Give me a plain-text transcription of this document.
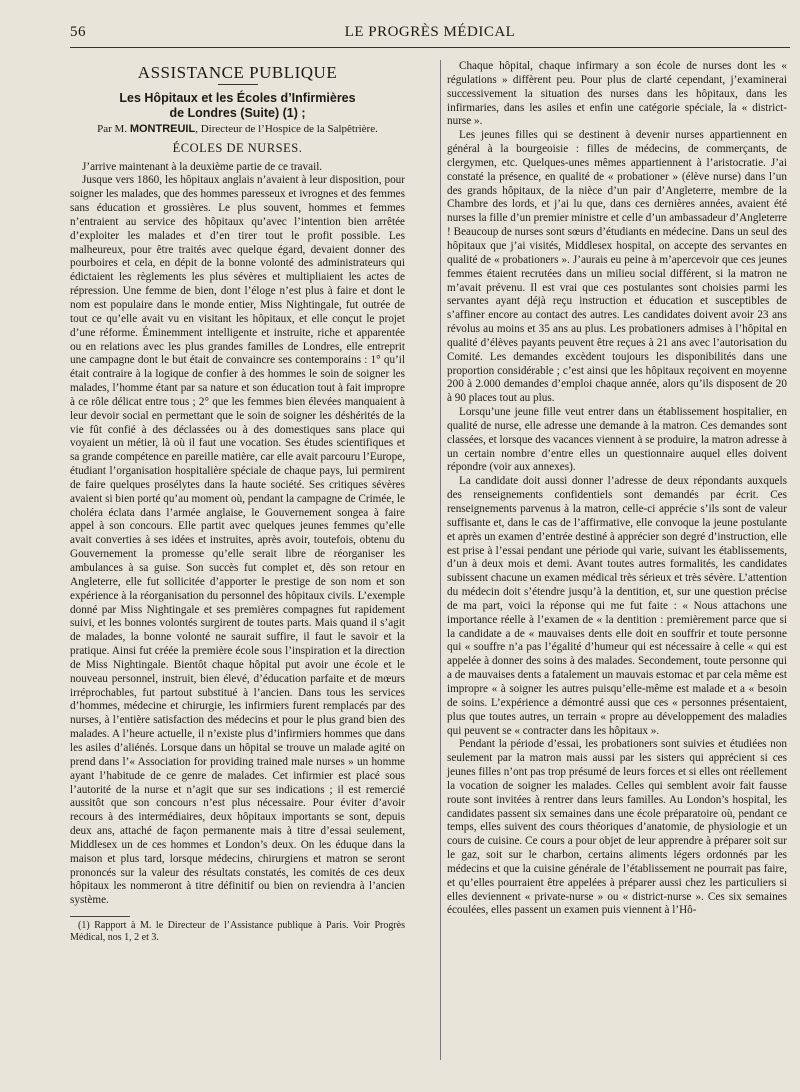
56	LE PROGRÈS MÉDICAL
ASSISTANCE PUBLIQUE
Les Hôpitaux et les Écoles d’Infirmières
de Londres (Suite) (1) ;
Par M. MONTREUIL, Directeur de l’Hospice de la Salpêtrière.
ÉCOLES DE NURSES.

J’arrive maintenant à la deuxième partie de ce travail.

Jusque vers 1860, les hôpitaux anglais n’avaient à leur disposition, pour soigner les malades, que des hommes paresseux et ivrognes et des femmes sans éducation et grossières. Le plus souvent, hommes et femmes n’entraient au service des hôpitaux qu’avec l’intention bien arrêtée d’exploiter les malades et d’en tirer tout le profit possible. Les malheureux, pour être traités avec quelque égard, devaient donner des pourboires et cela, en dépit de la bonne volonté des administrateurs qui édictaient les règlements les plus sévères et multipliaient les actes de répression. Une femme de bien, dont l’éloge n’est plus à faire et dont le nom est populaire dans le monde entier, Miss Nightingale, fut outrée de tout ce qu’elle avait vu en visitant les hôpitaux, et elle conçut le projet d’une réforme. Éminemment intelligente et instruite, riche et apparentée ou en relations avec les plus grandes familles de Londres, elle entreprit une campagne dont le but était de convaincre ses contemporains : 1° qu’il était contraire à la logique de confier à des hommes le soin de soigner les malades, l’homme étant par sa nature et son éducation tout à fait impropre à ce rôle délicat entre tous ; 2° que les femmes bien élevées manquaient à leur devoir social en permettant que le soin de soigner les déshérités de la vie fût confié à des déclassées ou à des domestiques sans place qui voyaient un métier, là où il faut une vocation. Ses études scientifiques et sa grande compétence en pareille matière, car elle avait parcouru l’Europe, étudiant l’organisation hospitalière spéciale de chaque pays, lui permirent de faire quelques prosélytes dans la haute société. Ses critiques sévères avaient si bien porté qu’au moment où, pendant la campagne de Crimée, le choléra éclata dans l’armée anglaise, le Gouvernement songea à faire appel à son concours. Elle partit avec quelques jeunes femmes qu’elle avait converties à ses idées et instruites, après avoir, toutefois, obtenu du Gouvernement la promesse qu’elle serait libre de réorganiser les ambulances à sa guise. Son succès fut complet et, dès son retour en Angleterre, elle fut sollicitée d’apporter le prestige de son nom et son expérience à la réorganisation du personnel des hôpitaux civils. L’exemple donné par Miss Nightingale et ses premières compagnes fut rapidement suivi, et les bonnes volontés surgirent de toutes parts. Mais quand il s’agit de malades, la bonne volonté ne saurait suffire, il faut le savoir et la pratique. Ainsi fut créée la première école sous l’inspiration et la direction de Miss Nightingale. Bientôt chaque hôpital put avoir une école et le nouveau personnel, instruit, bien élevé, d’éducation parfaite et de mœurs irréprochables, fut partout substitué à l’ancien. Dans tous les services d’hommes, médecine et chirurgie, les infirmiers furent remplacés par des nurses, à l’entière satisfaction des médecins et pour le plus grand bien des malades. A l’heure actuelle, il n’existe plus d’infirmiers hommes que dans les asiles d’aliénés. Lorsque dans un hôpital se trouve un malade agité on prend dans l’« Association for providing trained male nurses » un homme ayant l’habitude de ce genre de malades. Cet infirmier est placé sous l’autorité de la nurse et n’agit que sur ses indications ; il est remercié aussitôt que son concours n’est plus nécessaire. Pour éviter d’avoir recours à des intermédiaires, deux hôpitaux importants se sont, depuis deux ans, attaché de façon permanente mais à titre d’essai seulement, Middlesex un de ces hommes et London’s deux. On les éduque dans la maison et plus tard, lorsque médecins, chirurgiens et matron se seront prononcés sur la valeur des résultats constatés, les comités de ces deux hôpitaux les nommeront à titre définitif ou bien on reviendra à l’ancien système.

(1) Rapport à M. le Directeur de l’Assistance publique à Paris. Voir Progrès Médical, nos 1, 2 et 3.

Chaque hôpital, chaque infirmary a son école de nurses dont les « régulations » diffèrent peu. Pour plus de clarté cependant, j’examinerai successivement la situation des nurses dans les hôpitaux, dans les infirmaries, dans les asiles et enfin une catégorie spéciale, la « district-nurse ».

Les jeunes filles qui se destinent à devenir nurses appartiennent en général à la bourgeoisie : filles de médecins, de commerçants, de clergymen, etc. Quelques-unes mêmes appartiennent à l’aristocratie. J’ai constaté la présence, en qualité de « probationer » (élève nurse) dans l’un des grands hôpitaux, de la nièce d’un pair d’Angleterre, membre de la Chambre des lords, et j’ai lu que, dans ces dernières années, avaient été nurses la fille d’un premier ministre et celle d’un ambassadeur d’Angleterre ! Beaucoup de nurses sont sœurs d’étudiants en médecine. Dans un seul des hôpitaux que j’ai visités, Middlesex hospital, on accepte des servantes en qualité de « probationers ». J’aurais eu peine à m’apercevoir que ces jeunes femmes étaient recrutées dans un milieu social différent, si la matron ne m’avait prévenu. Il est vrai que ces postulantes sont choisies parmi les servantes ayant déjà reçu instruction et éducation et susceptibles de s’affiner encore au contact des autres. Les candidates doivent avoir 23 ans révolus au moins et 35 ans au plus. Les probationers admises à l’hôpital en qualité d’élèves payants peuvent être reçues à 21 ans avec l’autorisation du Comité. Les demandes excèdent toujours les disponibilités dans une proportion considérable ; c’est ainsi que les hôpitaux reçoivent en moyenne 200 à 2.000 demandes d’emploi chaque année, alors qu’ils disposent de 20 à 90 places tout au plus.

Lorsqu’une jeune fille veut entrer dans un établissement hospitalier, en qualité de nurse, elle adresse une demande à la matron. Ces demandes sont classées, et lorsque des vacances viennent à se produire, la matron adresse à un certain nombre d’entre elles un questionnaire auquel elles doivent répondre (voir aux annexes).

La candidate doit aussi donner l’adresse de deux répondants auxquels des renseignements confidentiels sont demandés par écrit. Ces renseignements parvenus à la matron, celle-ci apprécie s’ils sont de valeur suffisante et, dans le cas de l’affirmative, elle convoque la jeune postulante et après un examen d’entrée destiné à apprécier son degré d’instruction, elle est prise à l’essai pendant une période qui varie, suivant les établissements, d’un à deux mois et demi. Avant toutes autres formalités, les candidates subissent chacune un examen médical très sérieux et très sévère. L’attention du médecin doit s’étendre jusqu’à la dentition, et, sur une question précise de ma part, voici la réponse qui me fut faite : « Nous attachons une importance réelle à l’examen de « la dentition : premièrement parce que si la candidate a de « mauvaises dents elle doit en souffrir et toute personne qui « souffre n’a pas l’égalité d’humeur qui est nécessaire à celle « qui est appelée à donner des soins à des malades. Secondement, toute personne qui a de mauvaises dents a fatalement un mauvais estomac et par cela même est impropre « à soigner les autres puisqu’elle-même est malade et a « besoin de soins. L’expérience a démontré aussi que ces « personnes présentaient, plus que toutes autres, un terrain « propre au développement des maladies qui peuvent se « contracter dans les hôpitaux ».

Pendant la période d’essai, les probationers sont suivies et étudiées non seulement par la matron mais aussi par les sisters qui apprécient si ces jeunes filles n’ont pas trop présumé de leurs forces et si elles ont réellement la vocation de soigner les malades. Celles qui semblent avoir fait fausse route sont invitées à rentrer dans leurs familles. Au London’s hospital, les candidates passent six semaines dans une école préparatoire où, pendant ce temps, elles suivent des cours théoriques d’anatomie, de physiologie et un cours de cuisine. Ce cours a pour objet de leur apprendre à préparer soit sur le gaz, soit sur le charbon, certains aliments légers ordonnés par les médecins et que la cuisine générale de l’établissement ne pourrait pas faire, et qu’elles pourraient être appelées à préparer aussi chez les particuliers si elles deviennent « private-nurse » ou « district-nurse ». Ces six semaines écoulées, elles passent un examen puis viennent à l’Hô-
